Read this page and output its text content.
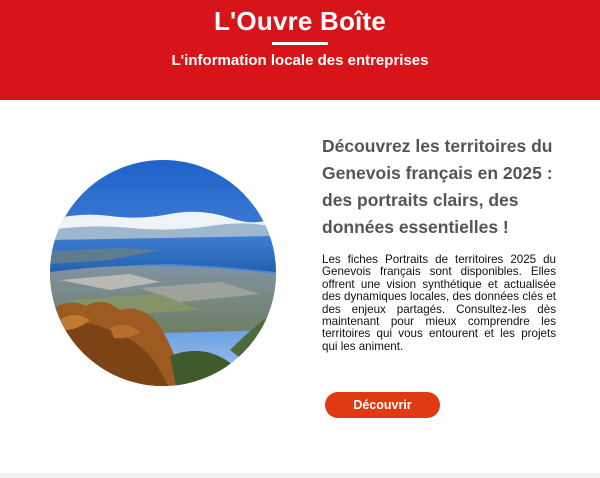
L'Ouvre Boîte
L'information locale des entreprises
Découvrez les territoires du Genevois français en 2025 : des portraits clairs, des données essentielles !
Les fiches Portraits de territoires 2025 du Genevois français sont disponibles. Elles offrent une vision synthétique et actualisée des dynamiques locales, des données clés et des enjeux partagés. Consultez-les dès maintenant pour mieux comprendre les territoires qui vous entourent et les projets qui les animent.
Découvrir
